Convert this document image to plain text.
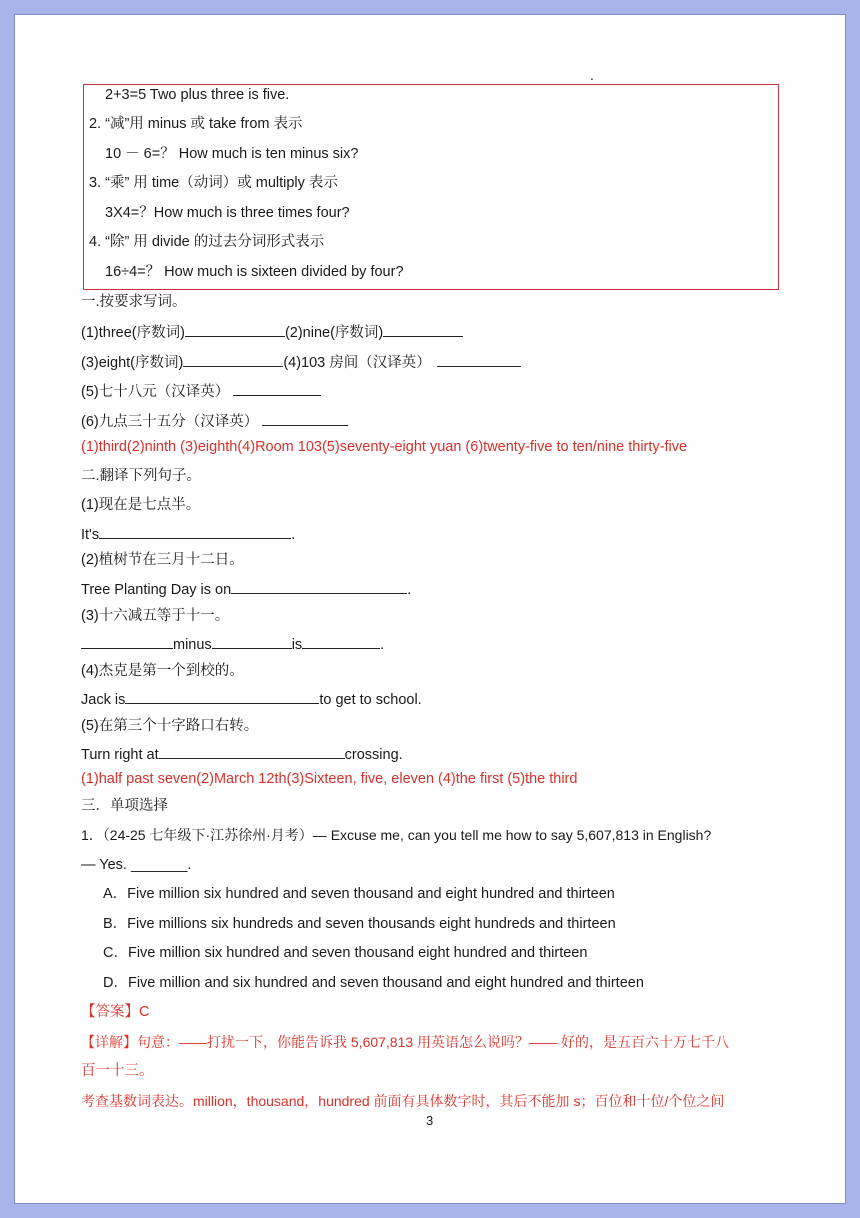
.
2+3=5 Two plus three is five.
2. “减”用 minus 或 take from 表示
10 － 6=？ How much is ten minus six?
3. “乘” 用 time（动词）或 multiply 表示
3X4=？How much is three times four?
4. “除” 用 divide 的过去分词形式表示
16÷4=？ How much is sixteen divided by four?
一.按要求写词。
(1)three(序数词)	(2)nine(序数词)
(3)eight(序数词)	(4)103 房间（汉译英）
(5)七十八元（汉译英）
(6)九点三十五分（汉译英）
(1)third(2)ninth (3)eighth(4)Room 103(5)seventy-eight yuan (6)twenty-five to ten/nine thirty-five
二.翻译下列句子。
(1)现在是七点半。
It's	.
(2)植树节在三月十二日。
Tree Planting Day is on	.
(3)十六减五等于十一。
minus	is	.
(4)杰克是第一个到校的。
Jack is	to get to school.
(5)在第三个十字路口右转。
Turn right at	crossing.
(1)half past seven(2)March 12th(3)Sixteen, five, eleven (4)the first (5)the third
三．单项选择
1．（24-25 七年级下·江苏徐州·月考）— Excuse me, can you tell me how to say 5,607,813 in English?
— Yes. _______.
A．Five million six hundred and seven thousand and eight hundred and thirteen
B．Five millions six hundreds and seven thousands eight hundreds and thirteen
C．Five million six hundred and seven thousand eight hundred and thirteen
D．Five million and six hundred and seven thousand and eight hundred and thirteen
【答案】C
【详解】句意：——打扰一下，你能告诉我 5,607,813 用英语怎么说吗？—— 好的，是五百六十万七千八
百一十三。
考查基数词表达。million，thousand，hundred 前面有具体数字时，其后不能加 s；百位和十位/个位之间
3
